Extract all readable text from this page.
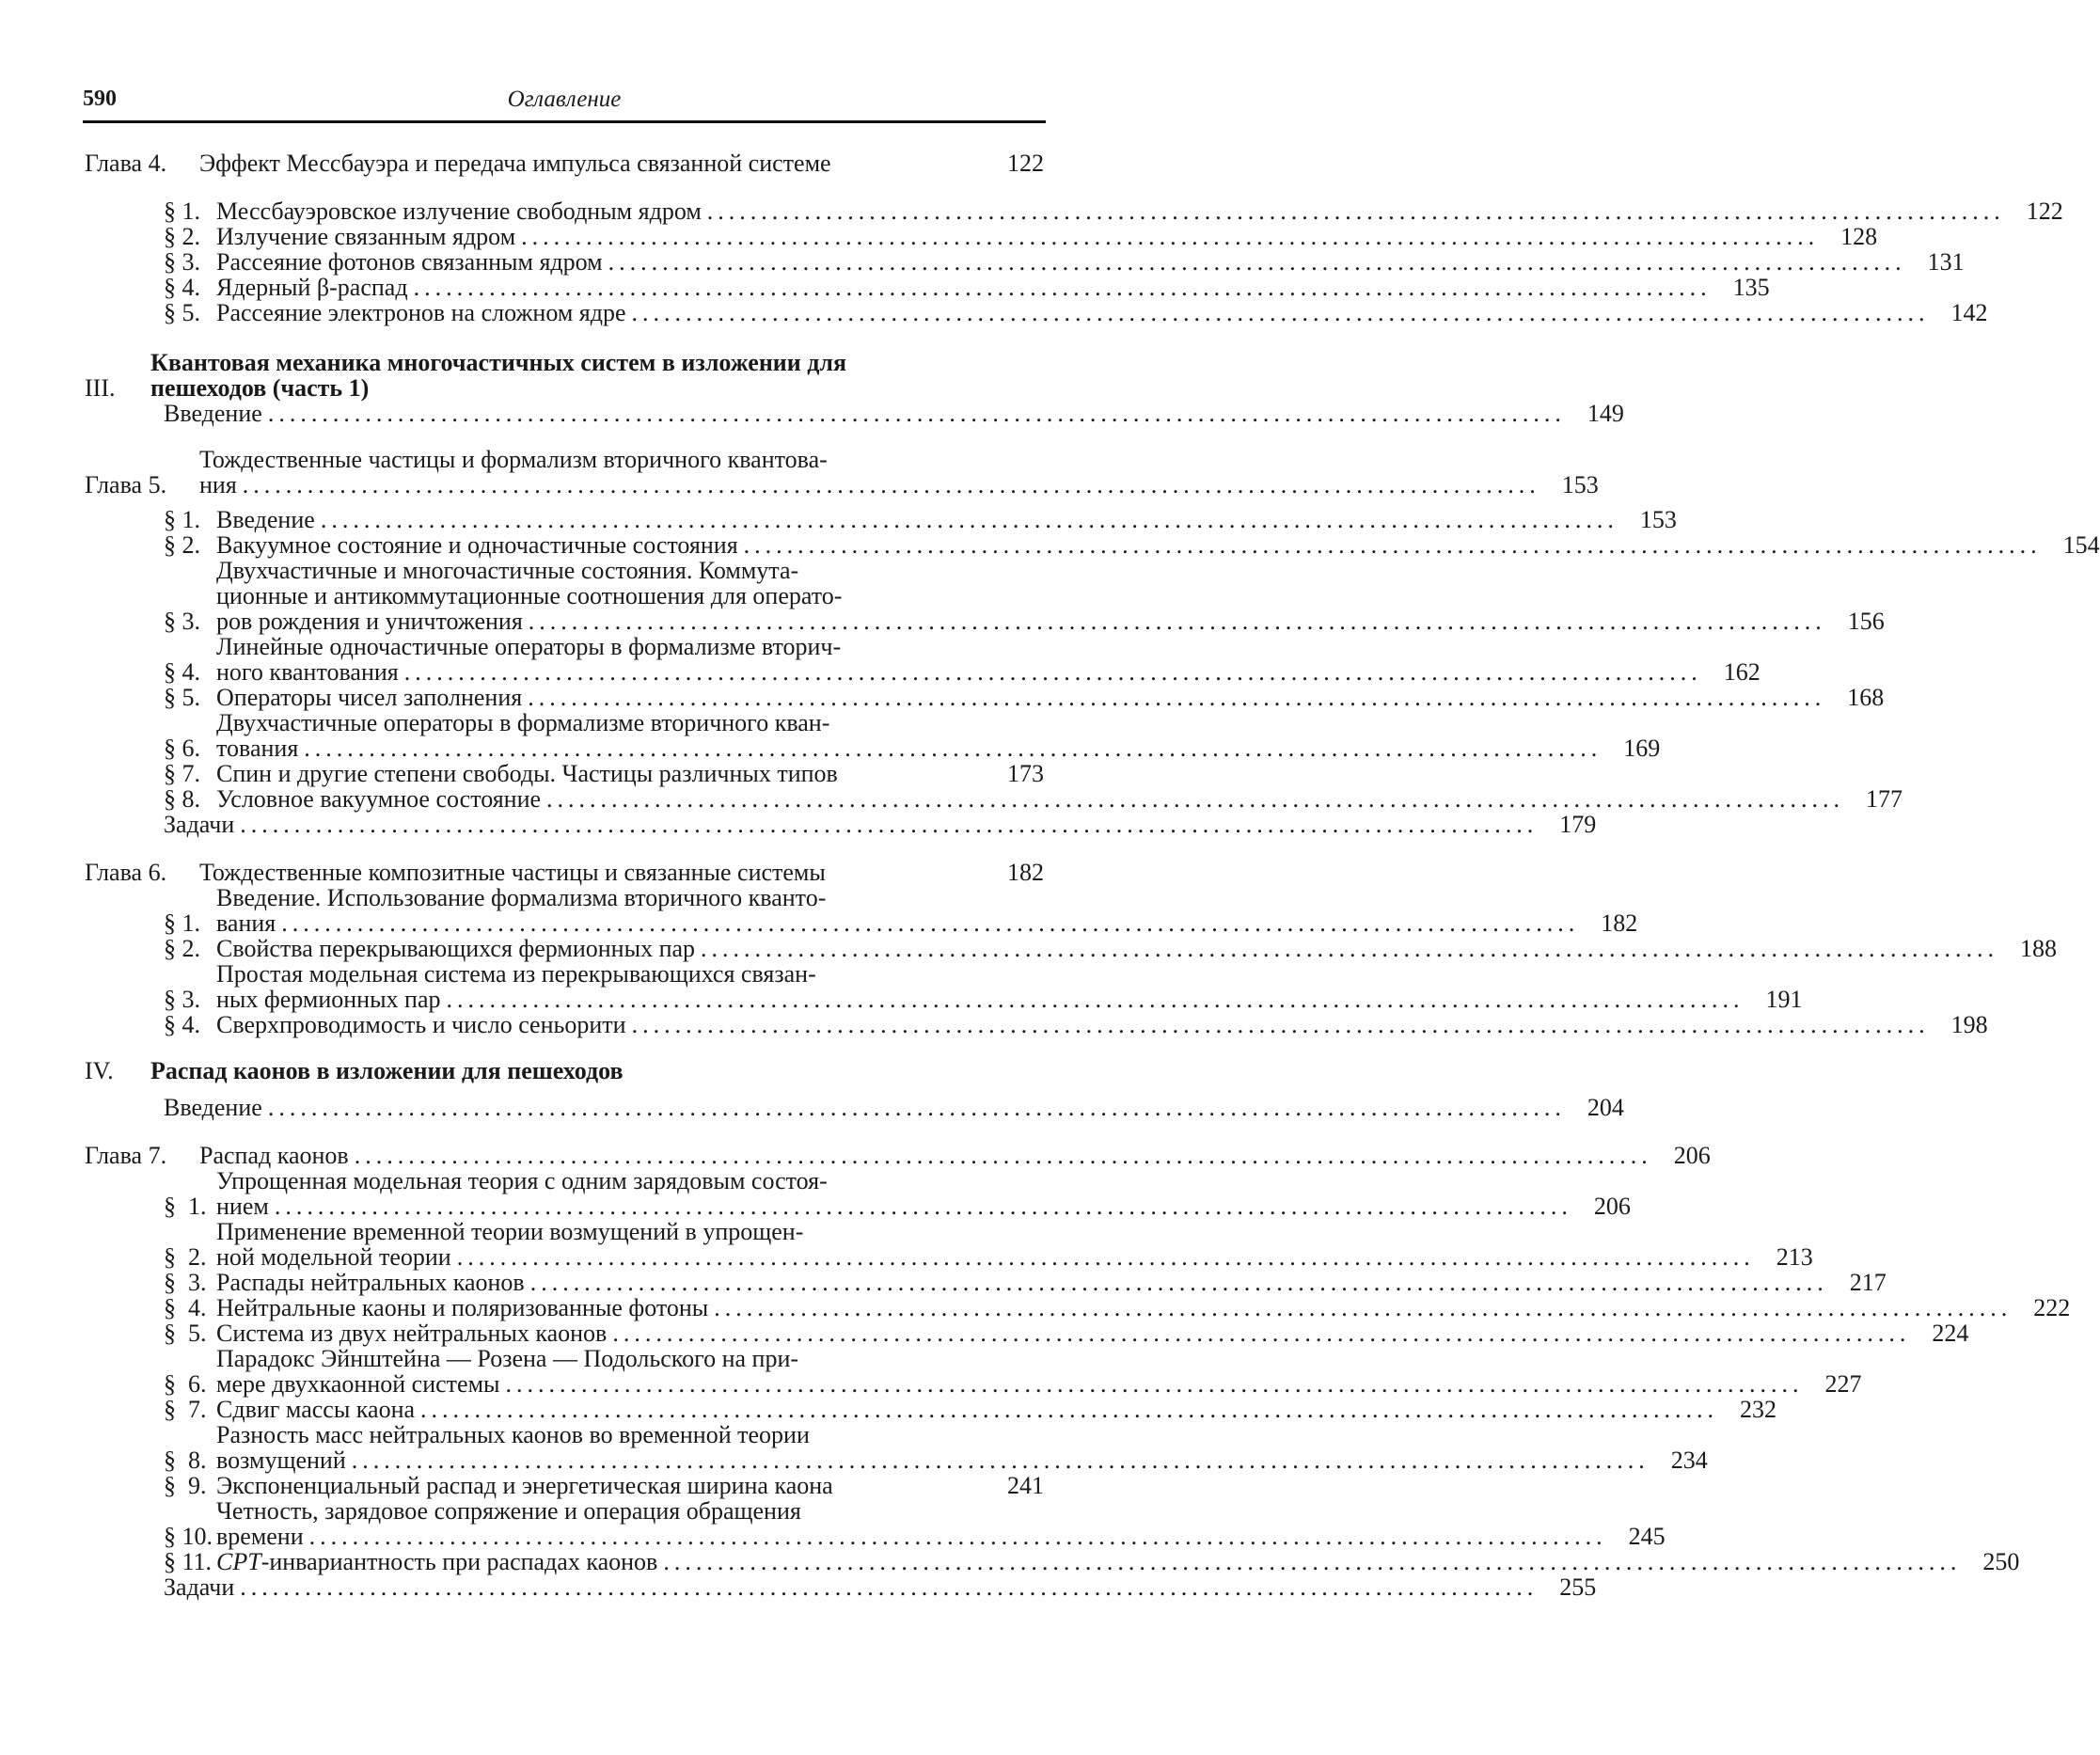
590	Оглавление
Глава 4.	Эффект Мессбауэра и передача импульса связанной системе	122
§ 1. Мессбауэровское излучение свободным ядром ........................................................................................................................ 122
§ 2. Излучение связанным ядром ........................................................................................................................ 128
§ 3. Рассеяние фотонов связанным ядром ........................................................................................................................ 131
§ 4. Ядерный β-распад ........................................................................................................................ 135
§ 5. Рассеяние электронов на сложном ядре ........................................................................................................................ 142
III.
Квантовая механика многочастичных систем в изложении для
пешеходов (часть 1)
Введение ........................................................................................................................ 149
Глава 5.
Тождественные частицы и формализм вторичного квантова-
ния ........................................................................................................................ 153
§ 1. Введение ........................................................................................................................ 153
§ 2. Вакуумное состояние и одночастичные состояния ........................................................................................................................ 154
§ 3.
Двухчастичные и многочастичные состояния. Коммута-
ционные и антикоммутационные соотношения для операто-
ров рождения и уничтожения ........................................................................................................................ 156
§ 4.
Линейные одночастичные операторы в формализме вторич-
ного квантования ........................................................................................................................ 162
§ 5. Операторы чисел заполнения ........................................................................................................................ 168
§ 6.
Двухчастичные операторы в формализме вторичного кван-
тования ........................................................................................................................ 169
§ 7. Спин и другие степени свободы. Частицы различных типов	173
§ 8. Условное вакуумное состояние ........................................................................................................................ 177
Задачи ........................................................................................................................ 179
Глава 6.	Тождественные композитные частицы и связанные системы	182
§ 1.
Введение. Использование формализма вторичного кванто-
вания ........................................................................................................................ 182
§ 2. Свойства перекрывающихся фермионных пар ........................................................................................................................ 188
§ 3.
Простая модельная система из перекрывающихся связан-
ных фермионных пар ........................................................................................................................ 191
§ 4. Сверхпроводимость и число сеньорити ........................................................................................................................ 198
IV.	Распад каонов в изложении для пешеходов
Введение ........................................................................................................................ 204
Глава 7.	Распад каонов ........................................................................................................................ 206
§  1.
Упрощенная модельная теория с одним зарядовым состоя-
нием ........................................................................................................................ 206
§  2.
Применение временной теории возмущений в упрощен-
ной модельной теории ........................................................................................................................ 213
§  3. Распады нейтральных каонов ........................................................................................................................ 217
§  4. Нейтральные каоны и поляризованные фотоны ........................................................................................................................ 222
§  5. Система из двух нейтральных каонов ........................................................................................................................ 224
§  6.
Парадокс Эйнштейна — Розена — Подольского на при-
мере двухкаонной системы ........................................................................................................................ 227
§  7. Сдвиг массы каона ........................................................................................................................ 232
§  8.
Разность масс нейтральных каонов во временной теории
возмущений ........................................................................................................................ 234
§  9. Экспоненциальный распад и энергетическая ширина каона	241
§ 10.
Четность, зарядовое сопряжение и операция обращения
времени ........................................................................................................................ 245
§ 11. CPT-инвариантность при распадах каонов ........................................................................................................................ 250
Задачи ........................................................................................................................ 255
